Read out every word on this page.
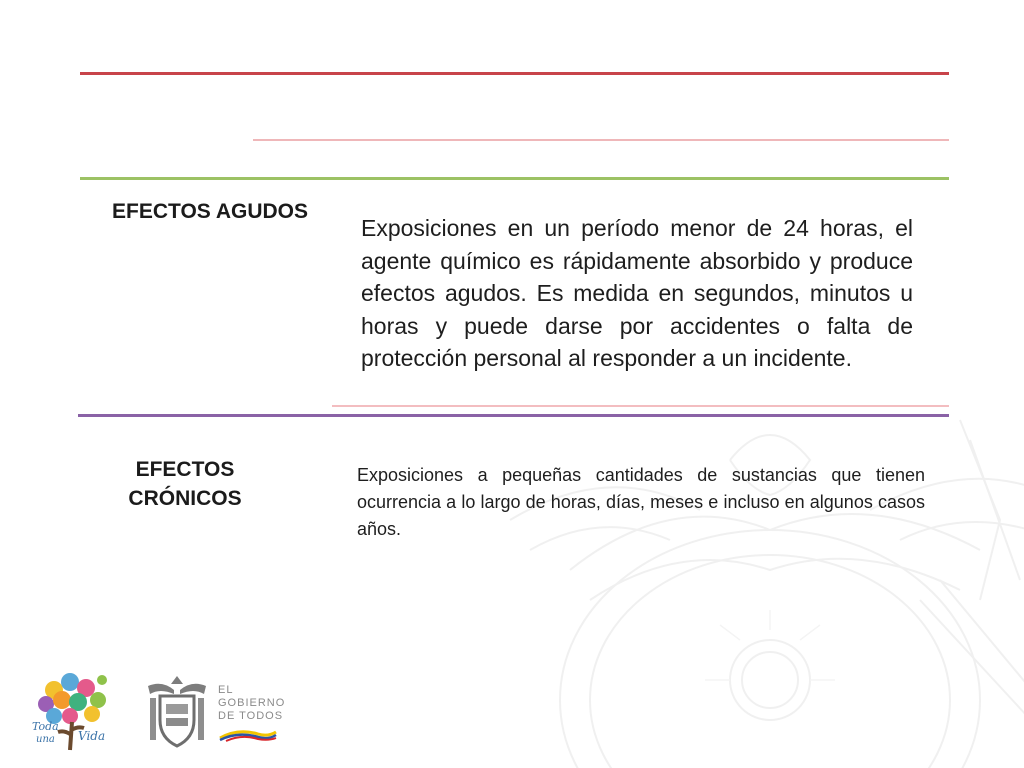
EFECTOS AGUDOS
Exposiciones en un período menor de 24 horas, el agente químico es rápidamente absorbido y produce efectos agudos. Es medida en segundos, minutos u horas y puede darse por accidentes o falta de protección personal al responder a un incidente.
EFECTOS
CRÓNICOS
Exposiciones a pequeñas cantidades de sustancias que tienen ocurrencia a lo largo de horas, días, meses e incluso en algunos casos años.
Toda
una Vida
EL
GOBIERNO
DE TODOS
